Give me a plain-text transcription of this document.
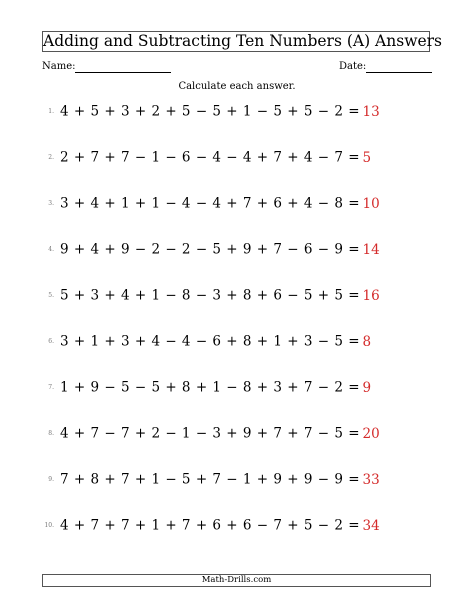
Adding and Subtracting Ten Numbers (A) Answers
Name:	Date:
Calculate each answer.
1. 4 + 5 + 3 + 2 + 5 − 5 + 1 − 5 + 5 − 2 = 13
2. 2 + 7 + 7 − 1 − 6 − 4 − 4 + 7 + 4 − 7 = 5
3. 3 + 4 + 1 + 1 − 4 − 4 + 7 + 6 + 4 − 8 = 10
4. 9 + 4 + 9 − 2 − 2 − 5 + 9 + 7 − 6 − 9 = 14
5. 5 + 3 + 4 + 1 − 8 − 3 + 8 + 6 − 5 + 5 = 16
6. 3 + 1 + 3 + 4 − 4 − 6 + 8 + 1 + 3 − 5 = 8
7. 1 + 9 − 5 − 5 + 8 + 1 − 8 + 3 + 7 − 2 = 9
8. 4 + 7 − 7 + 2 − 1 − 3 + 9 + 7 + 7 − 5 = 20
9. 7 + 8 + 7 + 1 − 5 + 7 − 1 + 9 + 9 − 9 = 33
10. 4 + 7 + 7 + 1 + 7 + 6 + 6 − 7 + 5 − 2 = 34
Math-Drills.com
